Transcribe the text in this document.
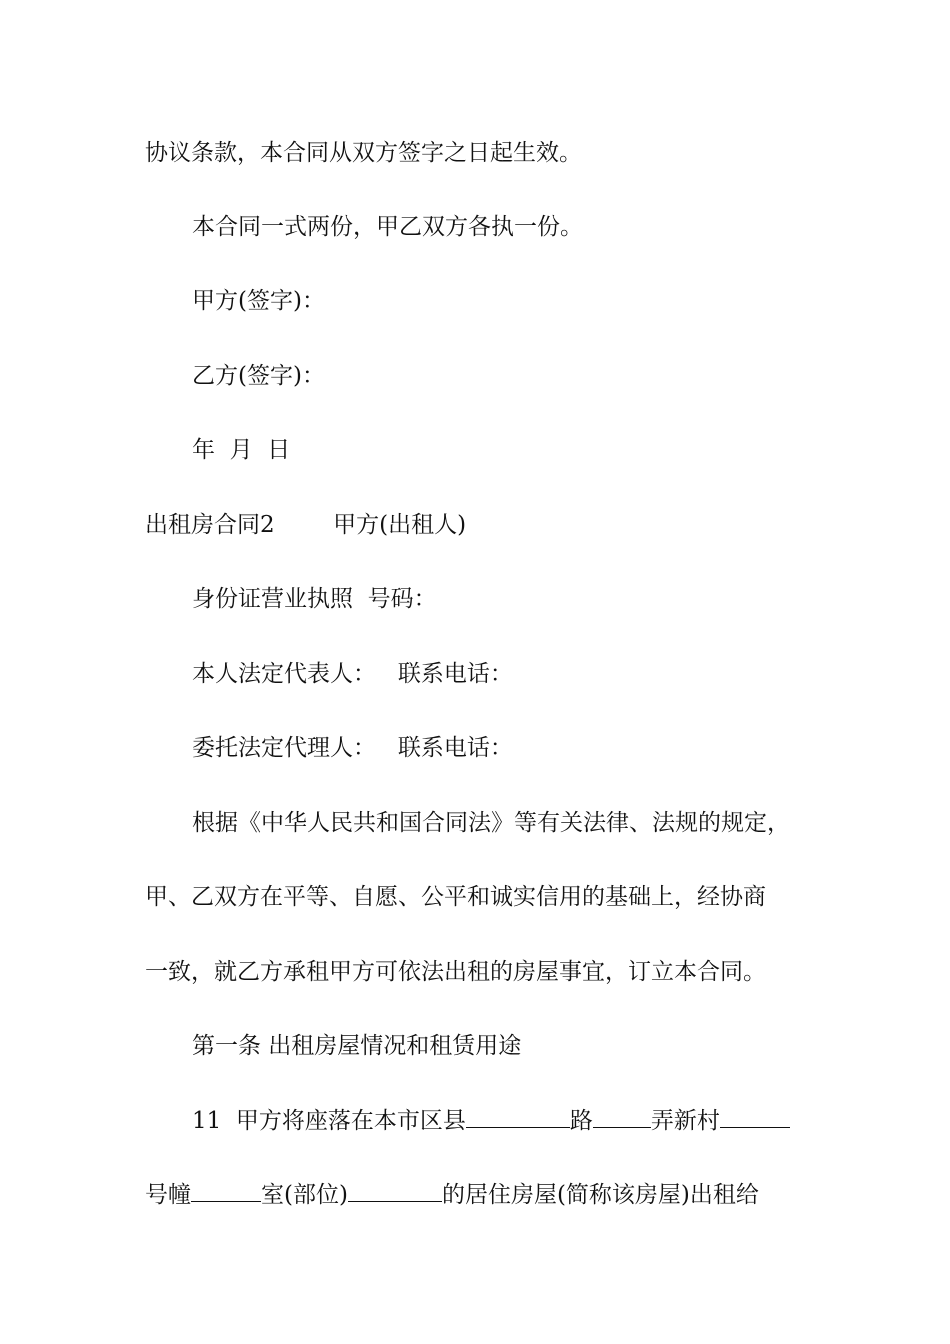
协议条款，本合同从双方签字之日起生效。

本合同一式两份，甲乙双方各执一份。

甲方(签字)：

乙方(签字)：

年  月  日

出租房合同2        甲方(出租人)

身份证营业执照  号码：

本人法定代表人：   联系电话：

委托法定代理人：   联系电话：

根据《中华人民共和国合同法》等有关法律、法规的规定，

甲、乙双方在平等、自愿、公平和诚实信用的基础上，经协商

一致，就乙方承租甲方可依法出租的房屋事宜，订立本合同。

第一条 出租房屋情况和租赁用途

11 甲方将座落在本市区县	路	弄新村

号幢	室(部位)	的居住房屋(简称该房屋)出租给
